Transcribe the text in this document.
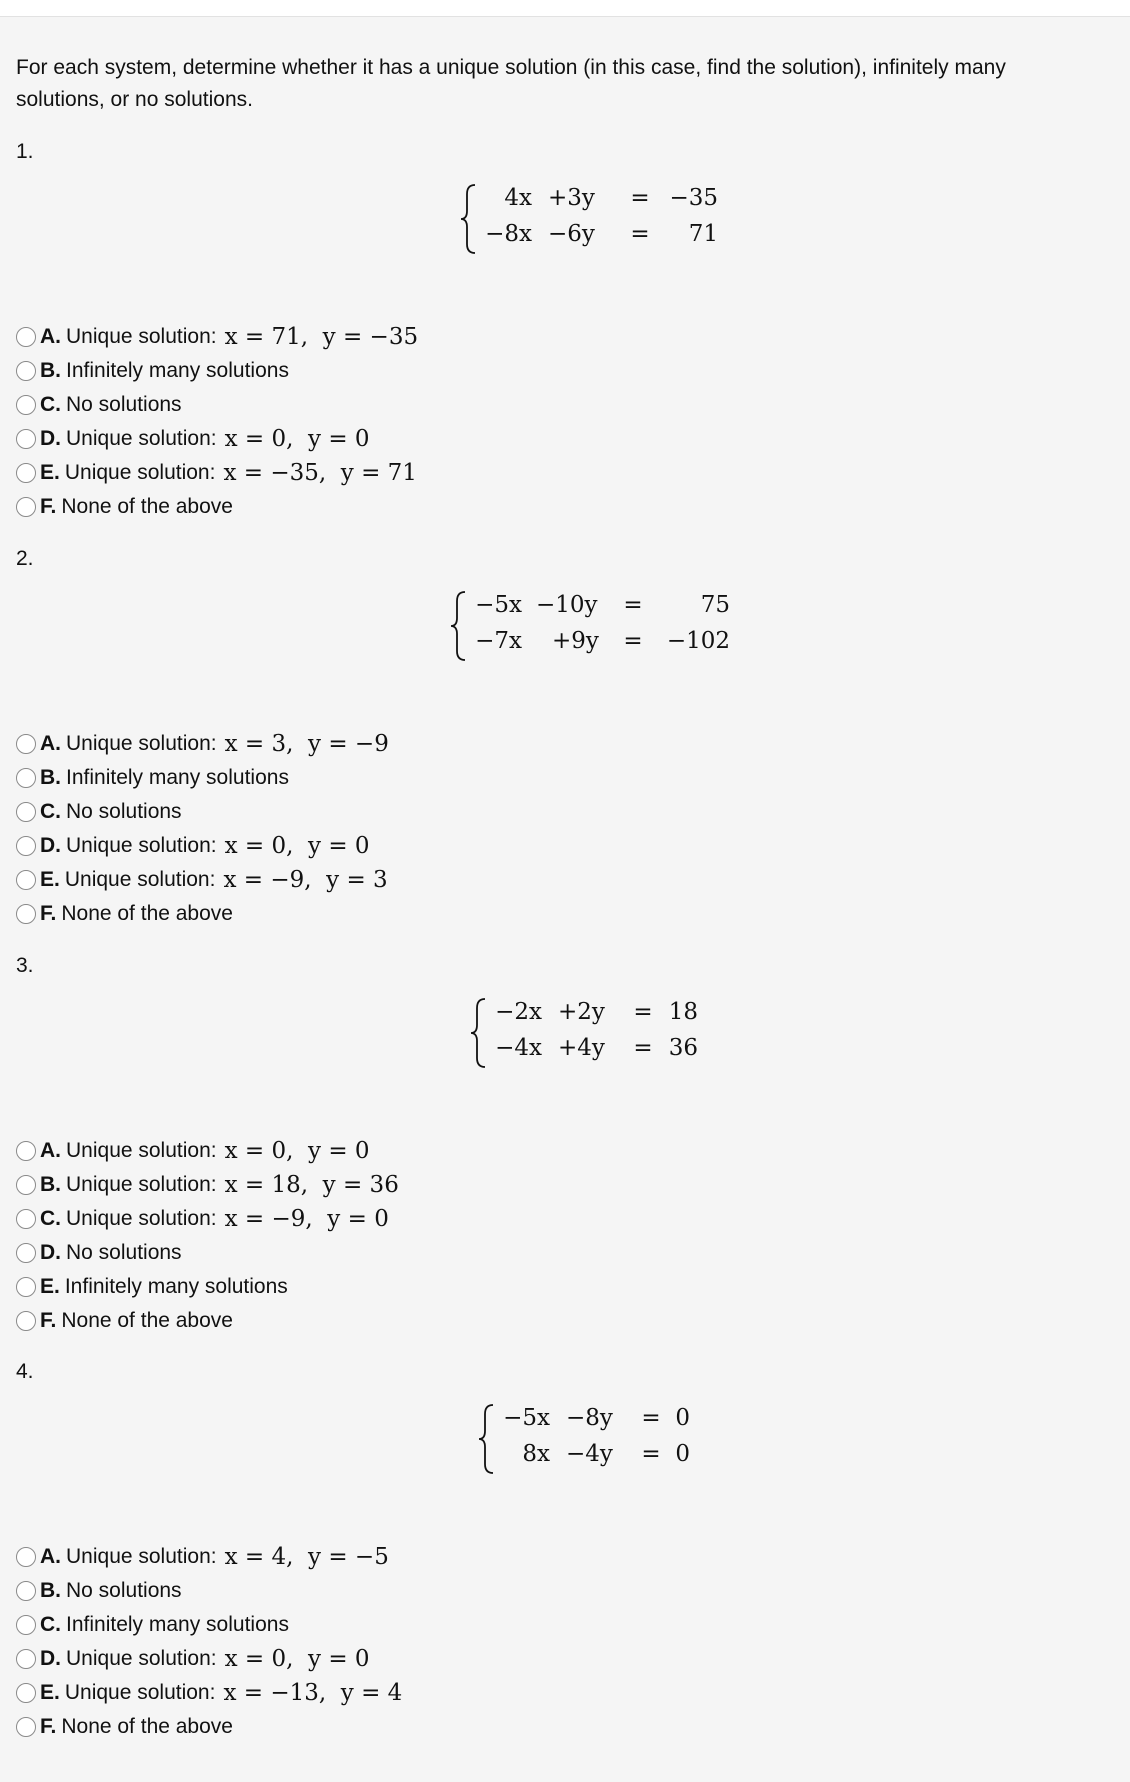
For each system, determine whether it has a unique solution (in this case, find the solution), infinitely many solutions, or no solutions.
1.
4x +3y	= −35
−8x −6y	=	71
A. Unique solution: x = 71,  y = −35
B. Infinitely many solutions
C. No solutions
D. Unique solution: x = 0,  y = 0
E. Unique solution: x = −35,  y = 71
F. None of the above
2.
−5x −10y	=	75
−7x +9y	=	−102
A. Unique solution: x = 3,  y = −9
B. Infinitely many solutions
C. No solutions
D. Unique solution: x = 0,  y = 0
E. Unique solution: x = −9,  y = 3
F. None of the above
3.
−2x +2y	= 18
−4x +4y	= 36
A. Unique solution: x = 0,  y = 0
B. Unique solution: x = 18,  y = 36
C. Unique solution: x = −9,  y = 0
D. No solutions
E. Infinitely many solutions
F. None of the above
4.
−5x −8y	= 0
8x −4y	= 0
A. Unique solution: x = 4,  y = −5
B. No solutions
C. Infinitely many solutions
D. Unique solution: x = 0,  y = 0
E. Unique solution: x = −13,  y = 4
F. None of the above
